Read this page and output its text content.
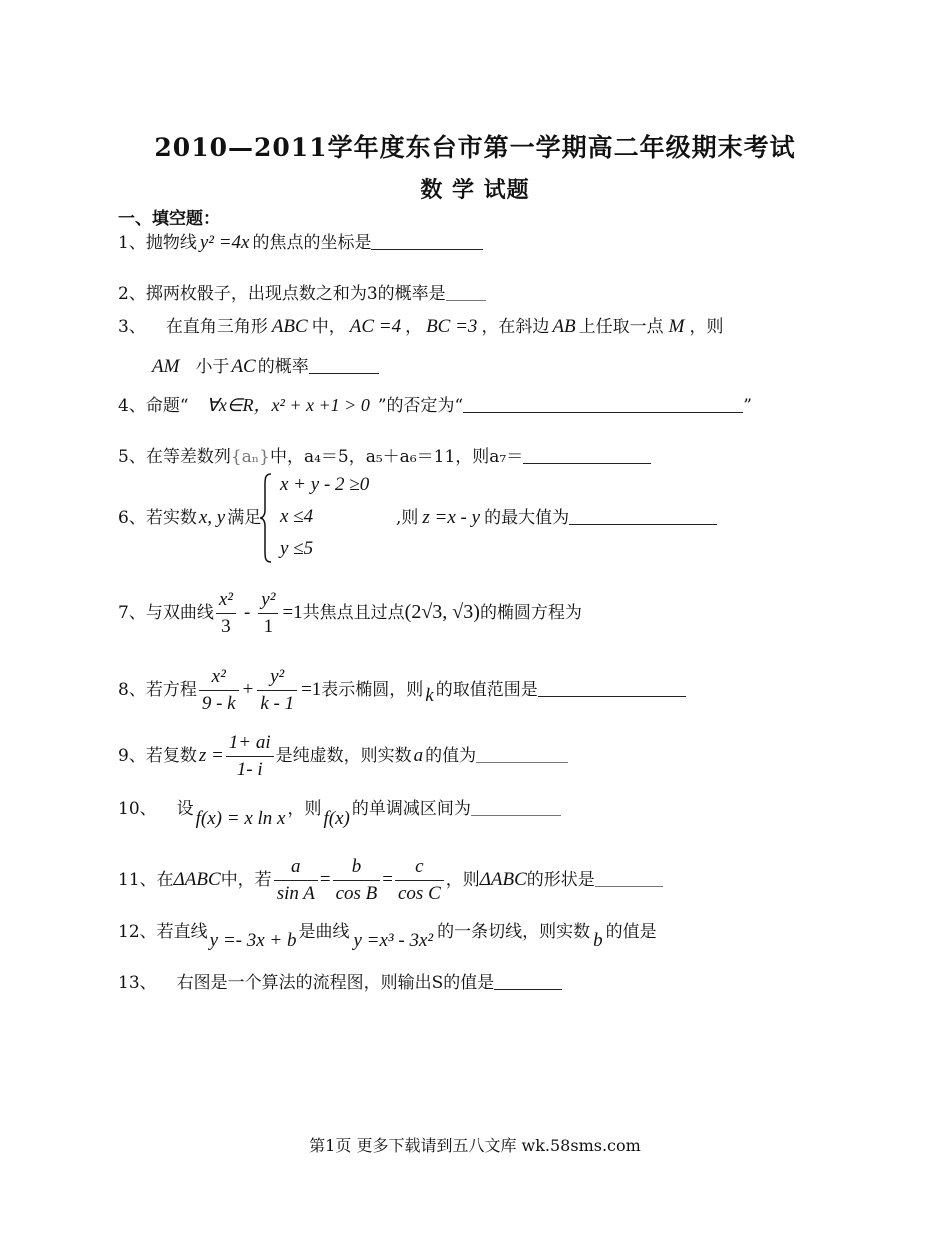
2010—2011学年度东台市第一学期高二年级期末考试
数 学 试题
一、填空题：
1、抛物线 y² =4x 的焦点的坐标是
2、掷两枚骰子，出现点数之和为3的概率是
3、 在直角三角形 ABC 中， AC =4 ， BC =3 ，在斜边 AB 上任取一点 M ，则
AM 小于 AC 的概率
4、命题“ ∀x∈R，x² + x +1 > 0 ”的否定为“	”
5、在等差数列{aₙ}中，a₄＝5，a₅＋a₆＝11，则a₇＝
6、若实数 x, y 满足
x + y - 2 ≥0
x ≤4
y ≤5
,则 z =x - y 的最大值为
7、与双曲线 $\frac{\text{x²}}{3} - \frac{\text{y²}}{1} =1$共焦点且过点(2√3, √3)的椭圆方程为
8、若方程 $\frac{\text{x²}}{9 - k} + \frac{\text{y²}}{k - 1} =1$表示椭圆，则 k 的取值范围是
9、若复数 $z = \frac{1+ ai}{1- i}$ 是纯虚数，则实数 a 的值为
10、 设 f(x) = x ln x ，则 f(x) 的单调减区间为
11、在ΔABC中，若 $\frac{a}{\text{sin A}} = \frac{b}{\text{cos B}} = \frac{c}{\text{cos C}}$ ，则ΔABC的形状是
12、若直线 y =- 3x + b 是曲线 y =x³ - 3x² 的一条切线，则实数 b 的值是
13、 右图是一个算法的流程图，则输出S的值是
第1页 更多下载请到五八文库 wk.58sms.com
